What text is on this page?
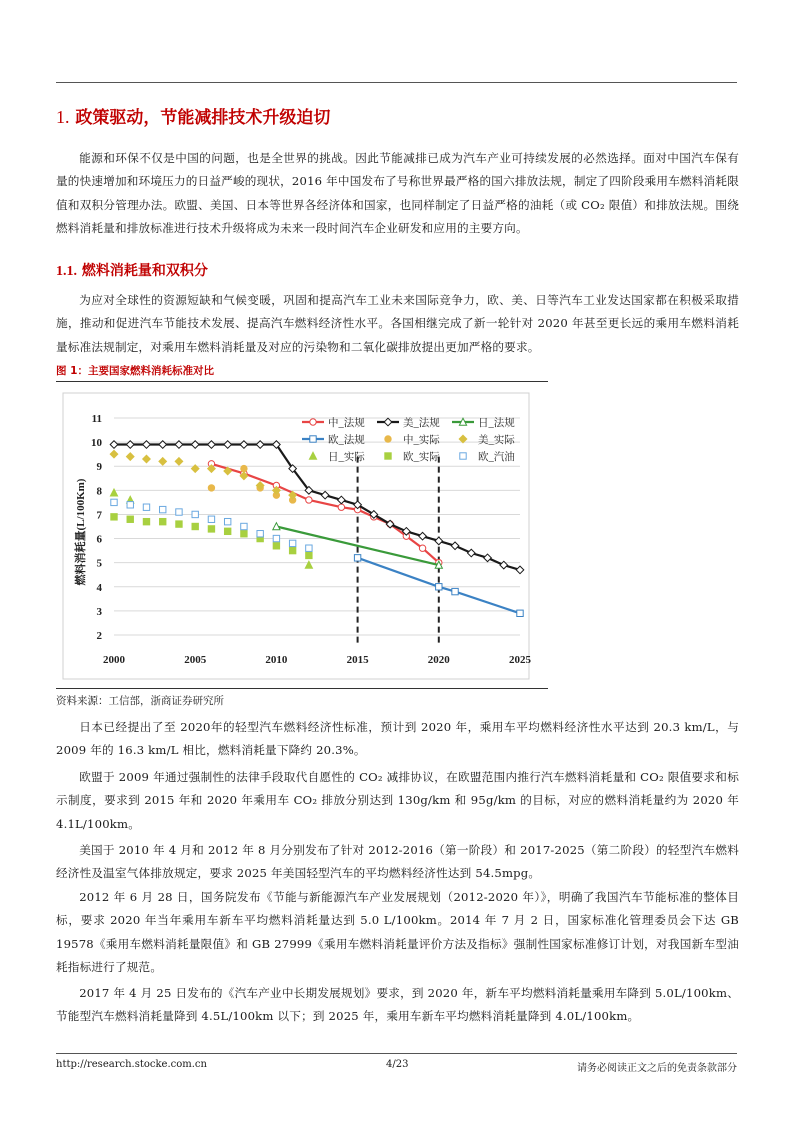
1. 政策驱动，节能减排技术升级迫切

能源和环保不仅是中国的问题，也是全世界的挑战。因此节能减排已成为汽车产业可持续发展的必然选择。面对中国汽车保有量的快速增加和环境压力的日益严峻的现状，2016 年中国发布了号称世界最严格的国六排放法规，制定了四阶段乘用车燃料消耗限值和双积分管理办法。欧盟、美国、日本等世界各经济体和国家，也同样制定了日益严格的油耗（或 CO₂ 限值）和排放法规。围绕燃料消耗量和排放标准进行技术升级将成为未来一段时间汽车企业研发和应用的主要方向。

1.1. 燃料消耗量和双积分

为应对全球性的资源短缺和气候变暖，巩固和提高汽车工业未来国际竞争力，欧、美、日等汽车工业发达国家都在积极采取措施，推动和促进汽车节能技术发展、提高汽车燃料经济性水平。各国相继完成了新一轮针对 2020 年甚至更长远的乘用车燃料消耗量标准法规制定，对乘用车燃料消耗量及对应的污染物和二氧化碳排放提出更加严格的要求。

图 1：主要国家燃料消耗标准对比
2
3
4
5
6
7
8
9
10
11
2000	2005	2010	2015	2020	2025
中_法规	美_法规	日_法规
欧_法规	中_实际	美_实际
日_实际	欧_实际	欧_汽油
燃料消耗量(L/100Km)
资料来源：工信部，浙商证券研究所

日本已经提出了至 2020年的轻型汽车燃料经济性标准，预计到 2020 年，乘用车平均燃料经济性水平达到 20.3 km/L，与 2009 年的 16.3 km/L 相比，燃料消耗量下降约 20.3%。

欧盟于 2009 年通过强制性的法律手段取代自愿性的 CO₂ 减排协议，在欧盟范围内推行汽车燃料消耗量和 CO₂ 限值要求和标示制度，要求到 2015 年和 2020 年乘用车 CO₂ 排放分别达到 130g/km 和 95g/km 的目标，对应的燃料消耗量约为 2020 年 4.1L/100km。

美国于 2010 年 4 月和 2012 年 8 月分别发布了针对 2012-2016（第一阶段）和 2017-2025（第二阶段）的轻型汽车燃料经济性及温室气体排放规定，要求 2025 年美国轻型汽车的平均燃料经济性达到 54.5mpg。

2012 年 6 月 28 日，国务院发布《节能与新能源汽车产业发展规划（2012-2020 年）》，明确了我国汽车节能标准的整体目标，要求 2020 年当年乘用车新车平均燃料消耗量达到 5.0 L/100km。2014 年 7 月 2 日，国家标准化管理委员会下达 GB 19578《乘用车燃料消耗量限值》和 GB 27999《乘用车燃料消耗量评价方法及指标》强制性国家标准修订计划，对我国新车型油耗指标进行了规范。

2017 年 4 月 25 日发布的《汽车产业中长期发展规划》要求，到 2020 年，新车平均燃料消耗量乘用车降到 5.0L/100km、节能型汽车燃料消耗量降到 4.5L/100km 以下；到 2025 年，乘用车新车平均燃料消耗量降到 4.0L/100km。

http://research.stocke.com.cn	4/23	请务必阅读正文之后的免责条款部分
